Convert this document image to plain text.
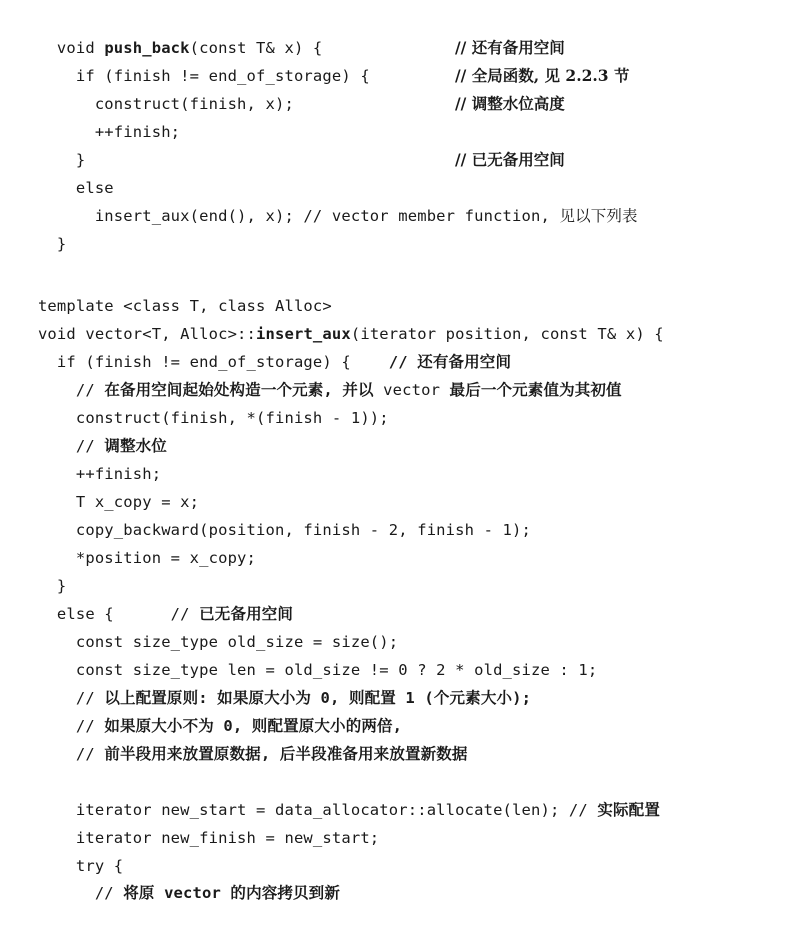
void push_back(const T& x) {

if (finish != end_of_storage) {

// 还有备用空间

construct(finish, x);

// 全局函数, 见 2.2.3 节

++finish;

// 调整水位高度

}

else

// 已无备用空间

insert_aux(end(), x); // vector member function, 见以下列表

}

template <class T, class Alloc>

void vector<T, Alloc>::insert_aux(iterator position, const T& x) {

if (finish != end_of_storage) {    // 还有备用空间

// 在备用空间起始处构造一个元素, 并以 vector 最后一个元素值为其初值

construct(finish, *(finish - 1));

// 调整水位

++finish;

T x_copy = x;

copy_backward(position, finish - 2, finish - 1);

*position = x_copy;

}

else {      // 已无备用空间

const size_type old_size = size();

const size_type len = old_size != 0 ? 2 * old_size : 1;

// 以上配置原则: 如果原大小为 0, 则配置 1 (个元素大小);

// 如果原大小不为 0, 则配置原大小的两倍,

// 前半段用来放置原数据, 后半段准备用来放置新数据

iterator new_start = data_allocator::allocate(len); // 实际配置

iterator new_finish = new_start;

try {

// 将原 vector 的内容拷贝到新
